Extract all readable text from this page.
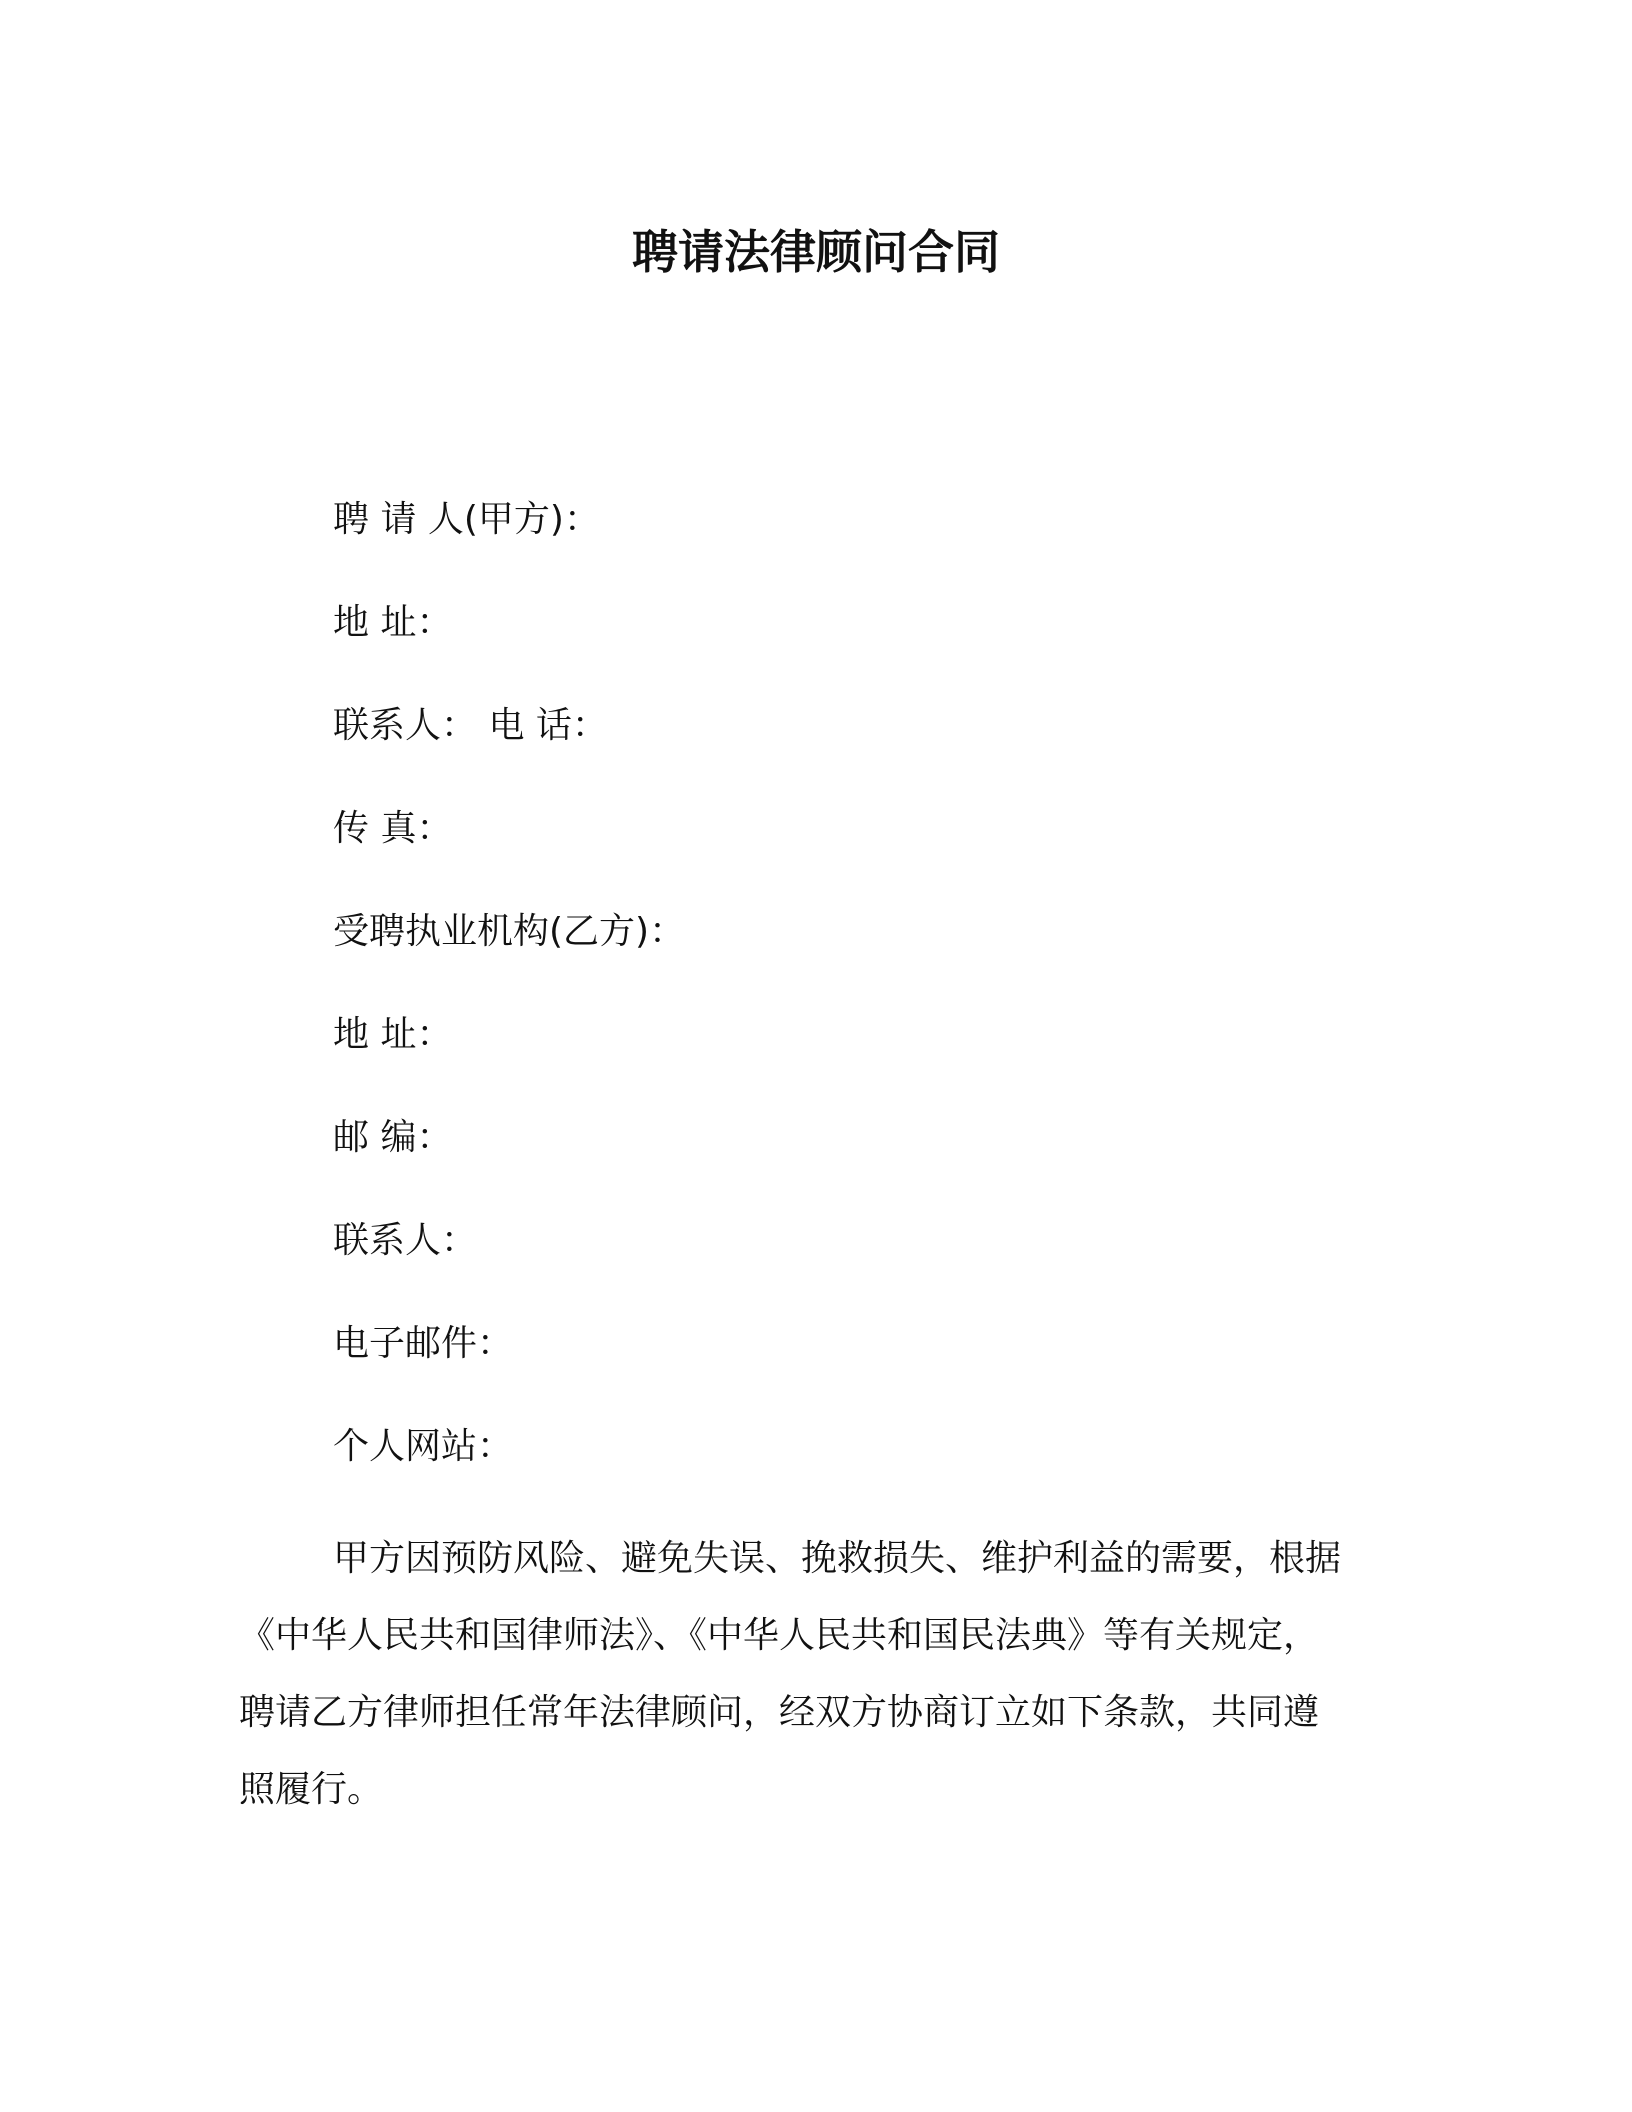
聘请法律顾问合同
聘 请 人(甲方)：
地 址：
联系人： 电 话：
传 真：
受聘执业机构(乙方)：
地 址：
邮 编：
联系人：
电子邮件：
个人网站：
甲方因预防风险、避免失误、挽救损失、维护利益的需要，根据
《中华人民共和国律师法》、《中华人民共和国民法典》等有关规定，
聘请乙方律师担任常年法律顾问，经双方协商订立如下条款，共同遵
照履行。
